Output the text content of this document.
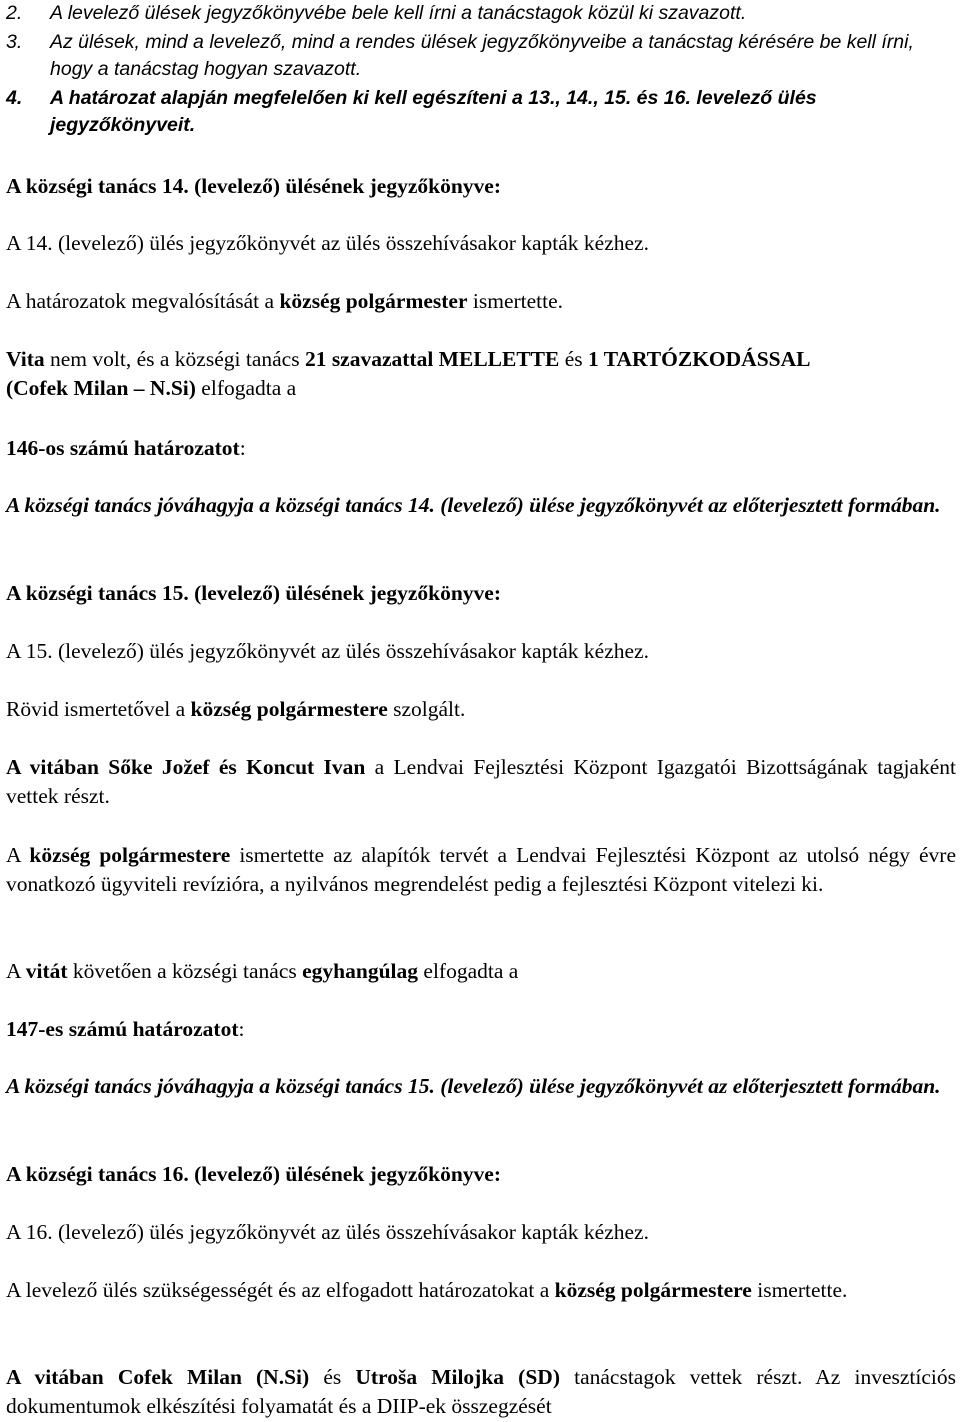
2. A levelező ülések jegyzőkönyvébe bele kell írni a tanácstagok közül ki szavazott.
3. Az ülések, mind a levelező, mind a rendes ülések jegyzőkönyveibe a tanácstag kérésére be kell írni, hogy a tanácstag hogyan szavazott.
4. A határozat alapján megfelelően ki kell egészíteni a 13., 14., 15. és 16. levelező ülés jegyzőkönyveit.
A községi tanács 14. (levelező) ülésének jegyzőkönyve:
A 14. (levelező) ülés jegyzőkönyvét az ülés összehívásakor kapták kézhez.
A határozatok megvalósítását a község polgármester ismertette.
Vita nem volt, és a községi tanács 21 szavazattal MELLETTE és 1 TARTÓZKODÁSSAL
(Cofek Milan – N.Si) elfogadta a
146-os számú határozatot:
A községi tanács jóváhagyja a községi tanács 14. (levelező) ülése jegyzőkönyvét az előterjesztett formában.
A községi tanács 15. (levelező) ülésének jegyzőkönyve:
A 15. (levelező) ülés jegyzőkönyvét az ülés összehívásakor kapták kézhez.
Rövid ismertetővel a község polgármestere szolgált.
A vitában Sőke Jožef és Koncut Ivan a Lendvai Fejlesztési Központ Igazgatói Bizottságának tagjaként vettek részt.
A község polgármestere ismertette az alapítók tervét a Lendvai Fejlesztési Központ az utolsó négy évre vonatkozó ügyviteli revízióra, a nyilvános megrendelést pedig a fejlesztési Központ vitelezi ki.
A vitát követően a községi tanács egyhangúlag elfogadta a
147-es számú határozatot:
A községi tanács jóváhagyja a községi tanács 15. (levelező) ülése jegyzőkönyvét az előterjesztett formában.
A községi tanács 16. (levelező) ülésének jegyzőkönyve:
A 16. (levelező) ülés jegyzőkönyvét az ülés összehívásakor kapták kézhez.
A levelező ülés szükségességét és az elfogadott határozatokat a község polgármestere ismertette.
A vitában Cofek Milan (N.Si) és Utroša Milojka (SD) tanácstagok vettek részt. Az invesztíciós dokumentumok elkészítési folyamatát és a DIIP-ek összegzését
